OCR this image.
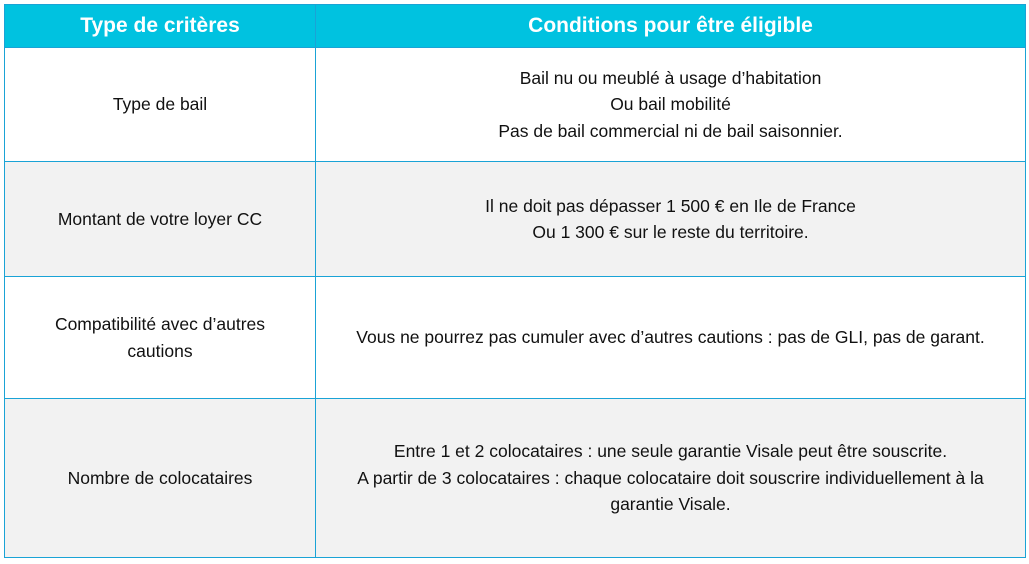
Type de critères	Conditions pour être éligible
Type de bail	Bail nu ou meublé à usage d’habitation
Ou bail mobilité
Pas de bail commercial ni de bail saisonnier.

Montant de votre loyer CC	Il ne doit pas dépasser 1 500 € en Ile de France
Ou 1 300 € sur le reste du territoire.

Compatibilité avec d’autres cautions	Vous ne pourrez pas cumuler avec d’autres cautions : pas de GLI, pas de garant.

Nombre de colocataires	Entre 1 et 2 colocataires : une seule garantie Visale peut être souscrite.
A partir de 3 colocataires : chaque colocataire doit souscrire individuellement à la garantie Visale.
